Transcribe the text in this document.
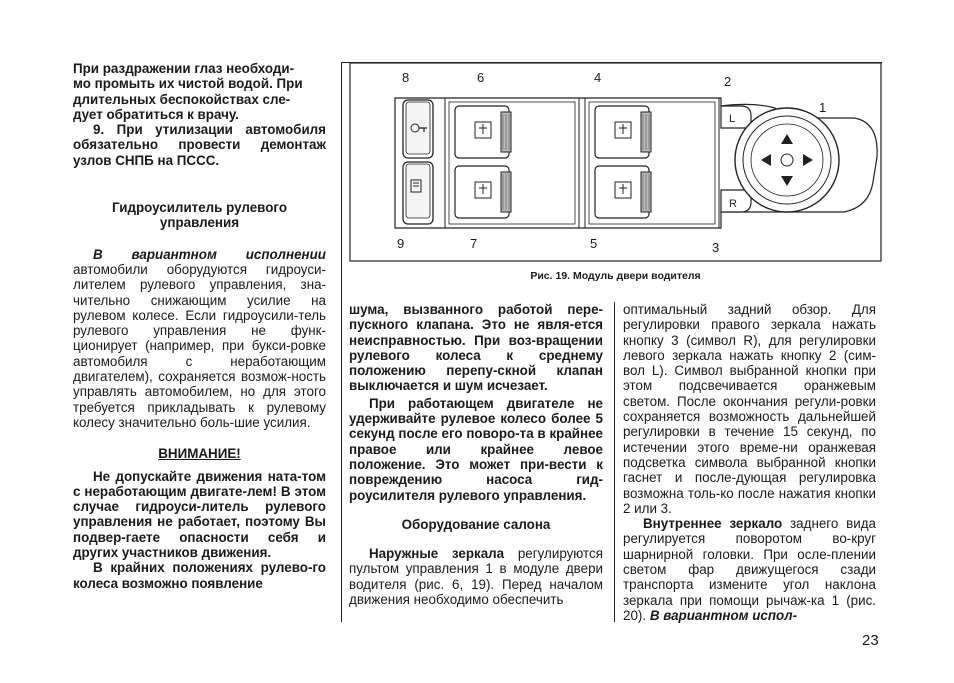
При раздражении глаз необходи-

мо промыть их чистой водой. При

длительных беспокойствах сле-

дует обратиться к врачу.

9. При утилизации автомобиля обязательно провести демонтаж узлов СНПБ на ПССС.

Гидроусилитель рулевого управления

В вариантном исполнении автомобили оборудуются гидроуси-лителем рулевого управления, зна-чительно снижающим усилие на рулевом колесе. Если гидроусили-тель рулевого управления не функ-ционирует (например, при букси-ровке автомобиля с неработающим двигателем), сохраняется возмож-ность управлять автомобилем, но для этого требуется прикладывать к рулевому колесу значительно боль-шие усилия.

ВНИМАНИЕ!

Не допускайте движения ната-том с неработающим двигате-лем! В этом случае гидроуси-литель рулевого управления не работает, поэтому Вы подвер-гаете опасности себя и других участников движения.

В крайних положениях рулево-го колеса возможно появление

L
R
8	6	4	2
1
9	7	5	3
Рис. 19. Модуль двери водителя

шума, вызванного работой пере-пускного клапана. Это не явля-ется неисправностью. При воз-вращении рулевого колеса к среднему положению перепу-скной клапан выключается и шум исчезает.

При работающем двигателе не удерживайте рулевое колесо более 5 секунд после его поворо-та в крайнее правое или крайнее левое положение. Это может при-вести к повреждению насоса гид-роусилителя рулевого управления.

Оборудование салона

Наружные зеркала регулируются пультом управления 1 в модуле двери водителя (рис. 6, 19). Перед началом движения необходимо обеспечить

оптимальный задний обзор. Для регулировки правого зеркала нажать кнопку 3 (символ R), для регулировки левого зеркала нажать кнопку 2 (сим-вол L). Символ выбранной кнопки при этом подсвечивается оранжевым светом. После окончания регули-ровки сохраняется возможность дальнейшей регулировки в течение 15 секунд, по истечении этого време-ни оранжевая подсветка символа выбранной кнопки гаснет и после-дующая регулировка возможна толь-ко после нажатия кнопки 2 или 3.

Внутреннее зеркало заднего вида регулируется поворотом во-круг шарнирной головки. При осле-плении светом фар движущегося сзади транспорта измените угол наклона зеркала при помощи рычаж-ка 1 (рис. 20). В вариантном испол-

23
